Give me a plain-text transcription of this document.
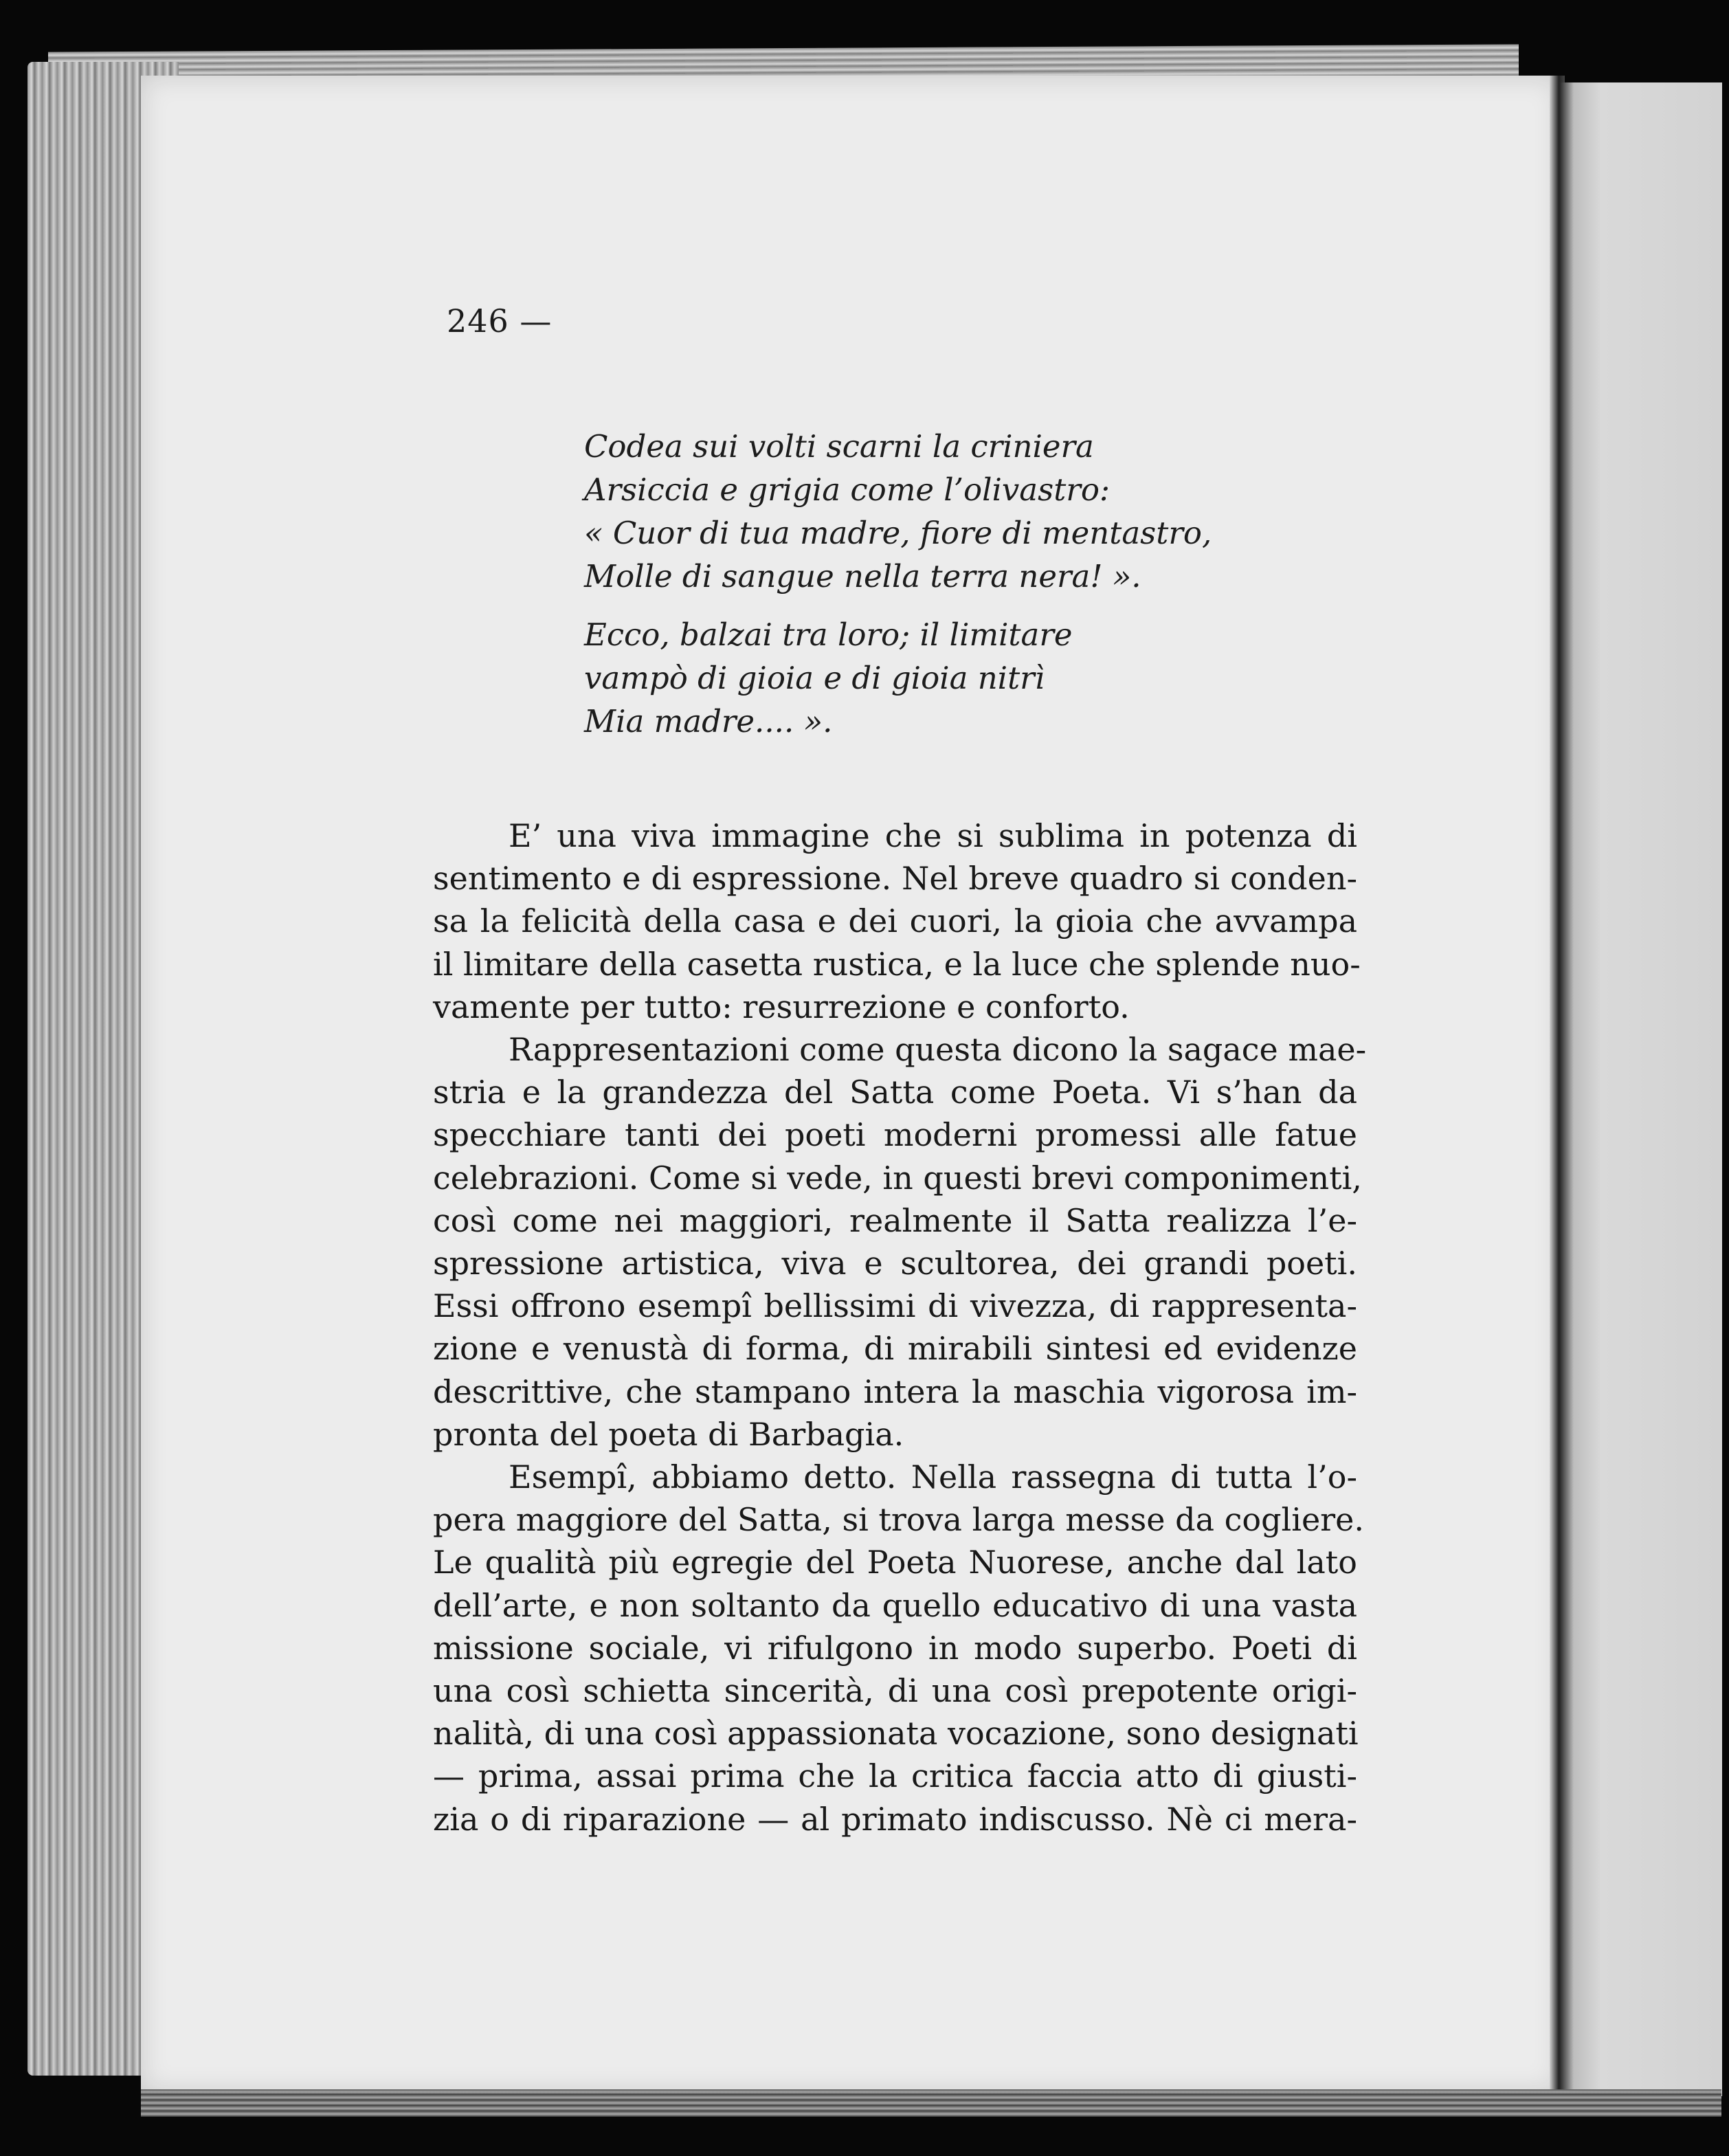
246 —
Codea sui volti scarni la criniera
Arsiccia e grigia come l’olivastro:
« Cuor di tua madre, fiore di mentastro,
Molle di sangue nella terra nera! ».
Ecco, balzai tra loro; il limitare
vampò di gioia e di gioia nitrì
Mia madre.... ».
E’ una viva immagine che si sublima in potenza di
sentimento e di espressione. Nel breve quadro si conden-
sa la felicità della casa e dei cuori, la gioia che avvampa
il limitare della casetta rustica, e la luce che splende nuo-
vamente per tutto: resurrezione e conforto.
Rappresentazioni come questa dicono la sagace mae-
stria e la grandezza del Satta come Poeta. Vi s’han da
specchiare tanti dei poeti moderni promessi alle fatue
celebrazioni. Come si vede, in questi brevi componimenti,
così come nei maggiori, realmente il Satta realizza l’e-
spressione artistica, viva e scultorea, dei grandi poeti.
Essi offrono esempî bellissimi di vivezza, di rappresenta-
zione e venustà di forma, di mirabili sintesi ed evidenze
descrittive, che stampano intera la maschia vigorosa im-
pronta del poeta di Barbagia.
Esempî, abbiamo detto. Nella rassegna di tutta l’o-
pera maggiore del Satta, si trova larga messe da cogliere.
Le qualità più egregie del Poeta Nuorese, anche dal lato
dell’arte, e non soltanto da quello educativo di una vasta
missione sociale, vi rifulgono in modo superbo. Poeti di
una così schietta sincerità, di una così prepotente origi-
nalità, di una così appassionata vocazione, sono designati
— prima, assai prima che la critica faccia atto di giusti-
zia o di riparazione — al primato indiscusso. Nè ci mera-
